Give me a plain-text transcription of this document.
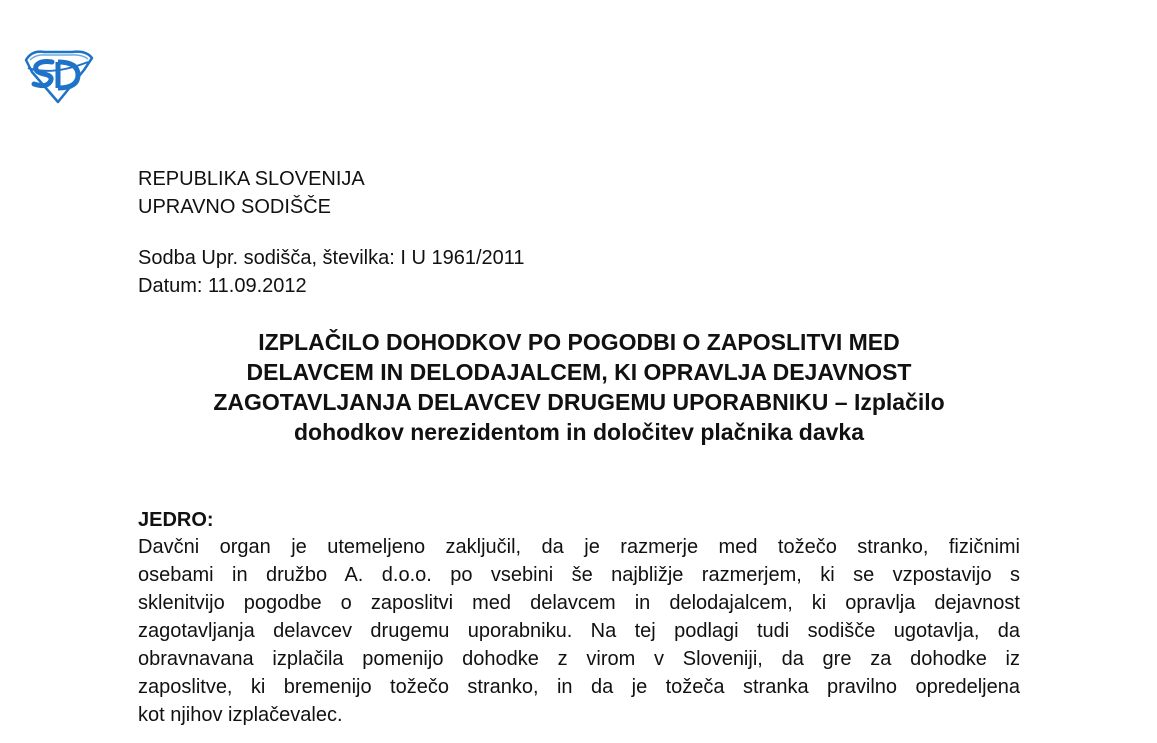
REPUBLIKA SLOVENIJA
UPRAVNO SODIŠČE
Sodba Upr. sodišča, številka: I U 1961/2011
Datum: 11.09.2012
IZPLAČILO DOHODKOV PO POGODBI O ZAPOSLITVI MED
DELAVCEM IN DELODAJALCEM, KI OPRAVLJA DEJAVNOST
ZAGOTAVLJANJA DELAVCEV DRUGEMU UPORABNIKU – Izplačilo
dohodkov nerezidentom in določitev plačnika davka
JEDRO:
Davčni organ je utemeljeno zaključil, da je razmerje med tožečo stranko, fizičnimi
osebami in družbo A. d.o.o. po vsebini še najbližje razmerjem, ki se vzpostavijo s
sklenitvijo pogodbe o zaposlitvi med delavcem in delodajalcem, ki opravlja dejavnost
zagotavljanja delavcev drugemu uporabniku. Na tej podlagi tudi sodišče ugotavlja, da
obravnavana izplačila pomenijo dohodke z virom v Sloveniji, da gre za dohodke iz
zaposlitve, ki bremenijo tožečo stranko, in da je tožeča stranka pravilno opredeljena
kot njihov izplačevalec.
